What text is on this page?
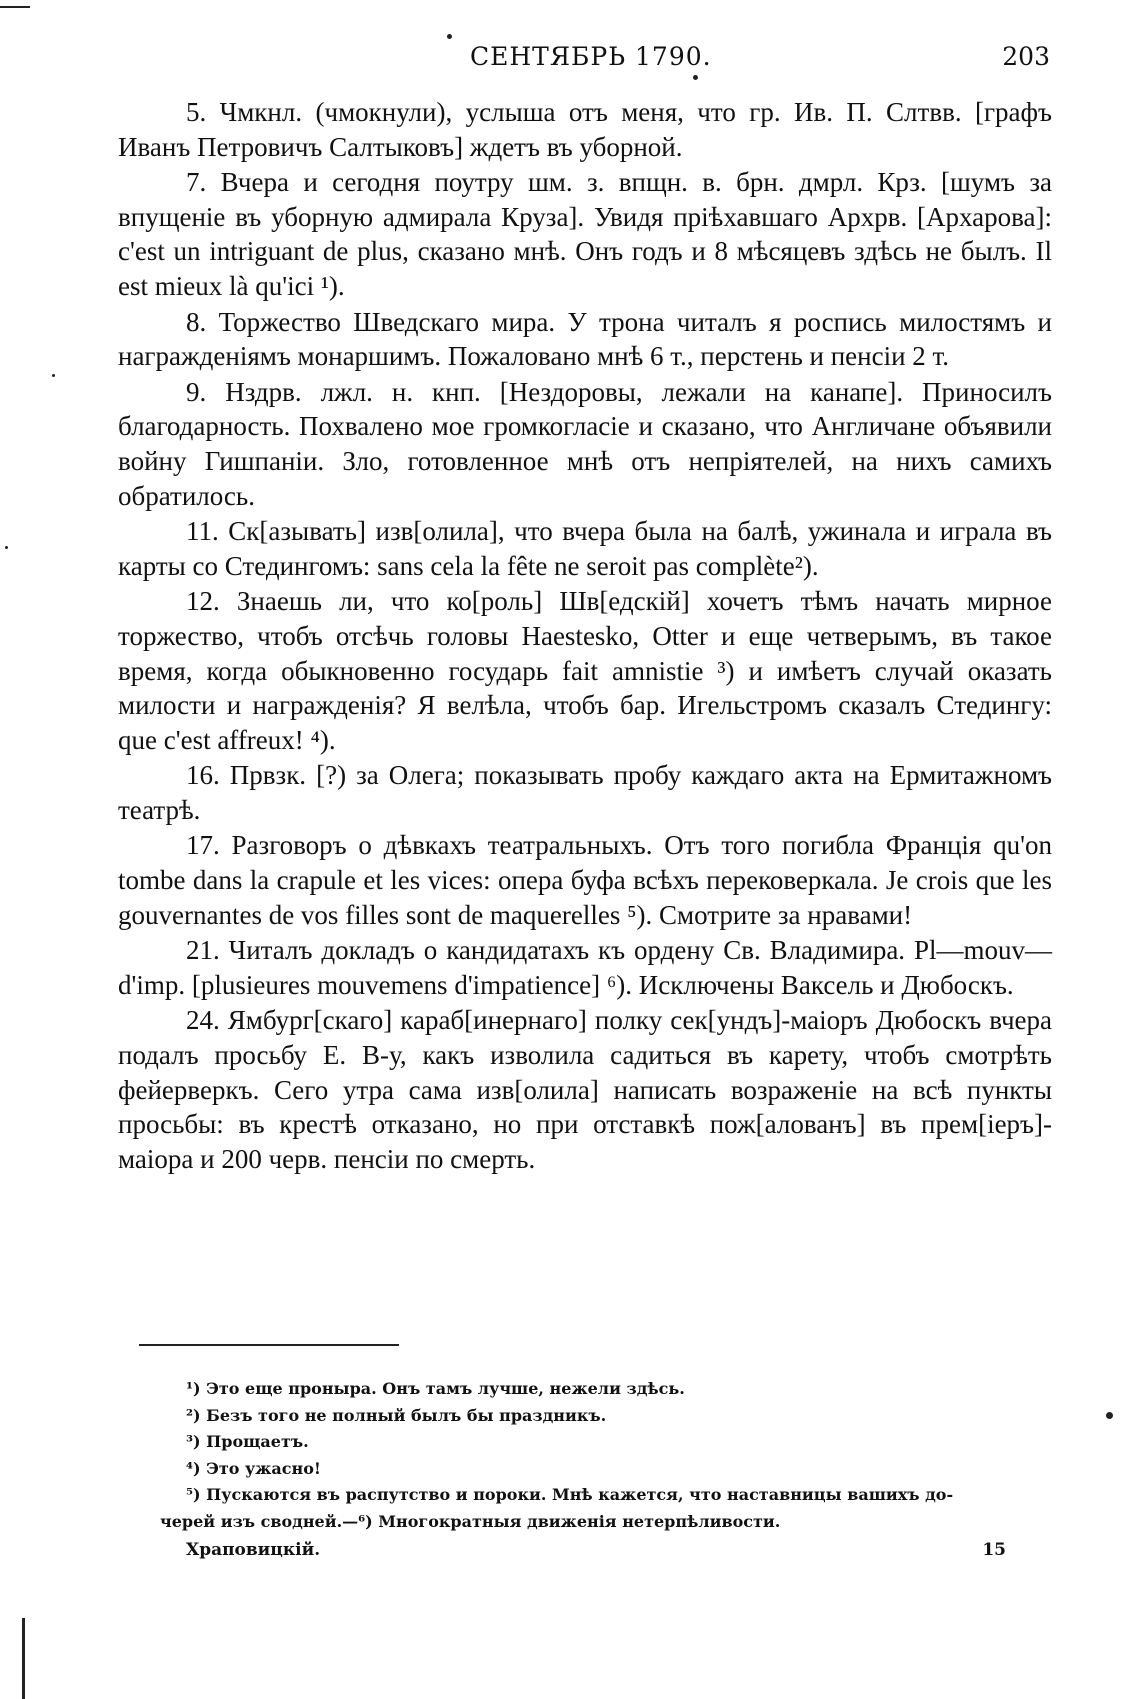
СЕНТЯБРЬ 1790.	203

5. Чмкнл. (чмокнули), услыша отъ меня, что гр. Ив. П. Слтвв. [графъ Иванъ Петровичъ Салтыковъ] ждетъ въ уборной.

7. Вчера и сегодня поутру шм. з. впщн. в. брн. дмрл. Крз. [шумъ за впущеніе въ уборную адмирала Круза]. Увидя пріѣхавшаго Архрв. [Архарова]: c'est un intriguant de plus, сказано мнѣ. Онъ годъ и 8 мѣсяцевъ здѣсь не былъ. Il est mieux là qu'ici ¹).

8. Торжество Шведскаго мира. У трона читалъ я роспись милостямъ и награжденіямъ монаршимъ. Пожаловано мнѣ 6 т., перстень и пенсіи 2 т.

9. Нздрв. лжл. н. кнп. [Нездоровы, лежали на канапе]. Приносилъ благодарность. Похвалено мое громкогласіе и сказано, что Англичане объявили войну Гишпаніи. Зло, готовленное мнѣ отъ непріятелей, на нихъ самихъ обратилось.

11. Ск[азывать] изв[олила], что вчера была на балѣ, ужинала и играла въ карты со Стедингомъ: sans cela la fête ne seroit pas complète²).

12. Знаешь ли, что ко[роль] Шв[едскій] хочетъ тѣмъ начать мирное торжество, чтобъ отсѣчь головы Haestesko, Otter и еще четверымъ, въ такое время, когда обыкновенно государь fait amnistie ³) и имѣетъ случай оказать милости и награжденія? Я велѣла, чтобъ бар. Игельстромъ сказалъ Стедингу: que c'est affreux! ⁴).

16. Првзк. [?) за Олега; показывать пробу каждаго акта на Ермитажномъ театрѣ.

17. Разговоръ о дѣвкахъ театральныхъ. Отъ того погибла Франція qu'on tombe dans la crapule et les vices: опера буфа всѣхъ перековеркала. Je crois que les gouvernantes de vos filles sont de maquerelles ⁵). Смотрите за нравами!

21. Читалъ докладъ о кандидатахъ къ ордену Св. Владимира. Pl—mouv—d'imp. [plusieures mouvemens d'impatience] ⁶). Исключены Ваксель и Дюбоскъ.

24. Ямбург[скаго] караб[инернаго] полку сек[ундъ]-маіоръ Дюбоскъ вчера подалъ просьбу Е. В-у, какъ изволила садиться въ карету, чтобъ смотрѣть фейерверкъ. Сего утра сама изв[олила] написать возраженіе на всѣ пункты просьбы: въ крестѣ отказано, но при отставкѣ пож[алованъ] въ прем[іеръ]-маіора и 200 черв. пенсіи по смерть.

¹) Это еще пронырa. Онъ тамъ лучше, нежели здѣсь.
²) Безъ того не полный былъ бы праздникъ.
³) Прощаетъ.
⁴) Это ужасно!
⁵) Пускаются въ распутство и пороки. Мнѣ кажется, что наставницы вашихъ до-
черей изъ сводней.—⁶) Многократныя движенія нетерпѣливости.
Храповицкій.	15
